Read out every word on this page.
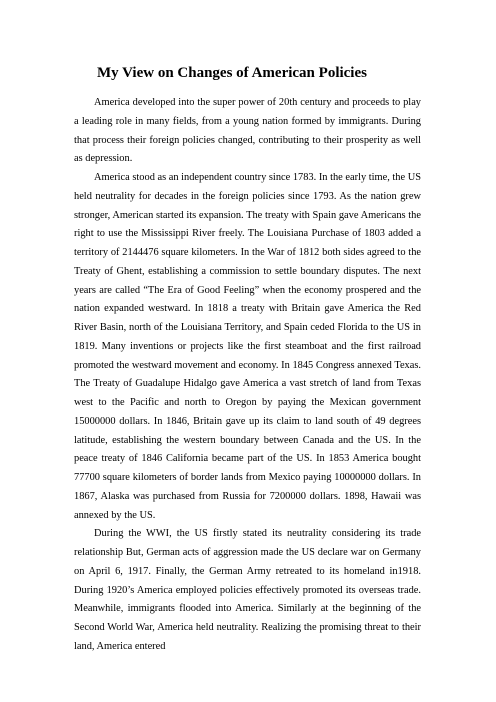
My View on Changes of American Policies

America developed into the super power of 20th century and proceeds to play a leading role in many fields, from a young nation formed by immigrants. During that process their foreign policies changed, contributing to their prosperity as well as depression.

America stood as an independent country since 1783. In the early time, the US held neutrality for decades in the foreign policies since 1793. As the nation grew stronger, American started its expansion. The treaty with Spain gave Americans the right to use the Mississippi River freely. The Louisiana Purchase of 1803 added a territory of 2144476 square kilometers. In the War of 1812 both sides agreed to the Treaty of Ghent, establishing a commission to settle boundary disputes. The next years are called “The Era of Good Feeling” when the economy prospered and the nation expanded westward. In 1818 a treaty with Britain gave America the Red River Basin, north of the Louisiana Territory, and Spain ceded Florida to the US in 1819. Many inventions or projects like the first steamboat and the first railroad promoted the westward movement and economy. In 1845 Congress annexed Texas. The Treaty of Guadalupe Hidalgo gave America a vast stretch of land from Texas west to the Pacific and north to Oregon by paying the Mexican government 15000000 dollars. In 1846, Britain gave up its claim to land south of 49 degrees latitude, establishing the western boundary between Canada and the US. In the peace treaty of 1846 California became part of the US. In 1853 America bought 77700 square kilometers of border lands from Mexico paying 10000000 dollars. In 1867, Alaska was purchased from Russia for 7200000 dollars. 1898, Hawaii was annexed by the US.

During the WWI, the US firstly stated its neutrality considering its trade relationship But, German acts of aggression made the US declare war on Germany on April 6, 1917. Finally, the German Army retreated to its homeland in1918. During 1920’s America employed policies effectively promoted its overseas trade. Meanwhile, immigrants flooded into America. Similarly at the beginning of the Second World War, America held neutrality. Realizing the promising threat to their land, America entered
